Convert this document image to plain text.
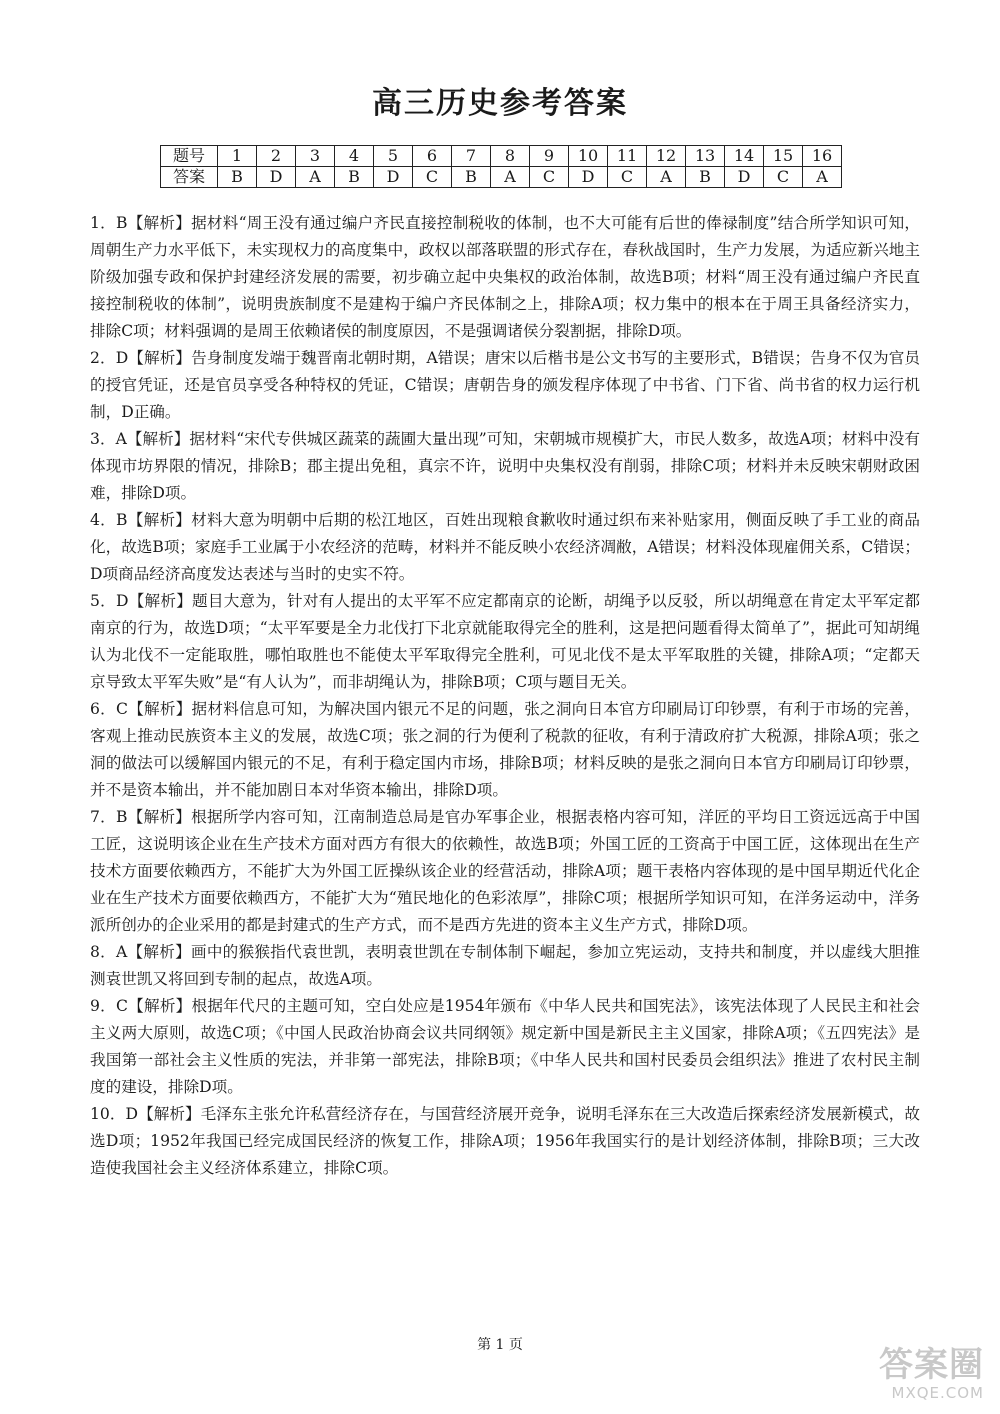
高三历史参考答案
题号	1	2	3	4	5	6	7	8	9	10	11	12	13	14	15	16
答案	B	D	A	B	D	C	B	A	C	D	C	A	B	D	C	A

1．B【解析】据材料“周王没有通过编户齐民直接控制税收的体制，也不大可能有后世的俸禄制度”结合所学知识可知，周朝生产力水平低下，未实现权力的高度集中，政权以部落联盟的形式存在，春秋战国时，生产力发展，为适应新兴地主阶级加强专政和保护封建经济发展的需要，初步确立起中央集权的政治体制，故选B项；材料“周王没有通过编户齐民直接控制税收的体制”，说明贵族制度不是建构于编户齐民体制之上，排除A项；权力集中的根本在于周王具备经济实力，排除C项；材料强调的是周王依赖诸侯的制度原因，不是强调诸侯分裂割据，排除D项。

2．D【解析】告身制度发端于魏晋南北朝时期，A错误；唐宋以后楷书是公文书写的主要形式，B错误；告身不仅为官员的授官凭证，还是官员享受各种特权的凭证，C错误；唐朝告身的颁发程序体现了中书省、门下省、尚书省的权力运行机制，D正确。

3．A【解析】据材料“宋代专供城区蔬菜的蔬圃大量出现”可知，宋朝城市规模扩大，市民人数多，故选A项；材料中没有体现市坊界限的情况，排除B；郡主提出免租，真宗不许，说明中央集权没有削弱，排除C项；材料并未反映宋朝财政困难，排除D项。

4．B【解析】材料大意为明朝中后期的松江地区，百姓出现粮食歉收时通过织布来补贴家用，侧面反映了手工业的商品化，故选B项；家庭手工业属于小农经济的范畴，材料并不能反映小农经济凋敝，A错误；材料没体现雇佣关系，C错误；D项商品经济高度发达表述与当时的史实不符。

5．D【解析】题目大意为，针对有人提出的太平军不应定都南京的论断，胡绳予以反驳，所以胡绳意在肯定太平军定都南京的行为，故选D项；“太平军要是全力北伐打下北京就能取得完全的胜利，这是把问题看得太简单了”，据此可知胡绳认为北伐不一定能取胜，哪怕取胜也不能使太平军取得完全胜利，可见北伐不是太平军取胜的关键，排除A项；“定都天京导致太平军失败”是“有人认为”，而非胡绳认为，排除B项；C项与题目无关。

6．C【解析】据材料信息可知，为解决国内银元不足的问题，张之洞向日本官方印刷局订印钞票，有利于市场的完善，客观上推动民族资本主义的发展，故选C项；张之洞的行为便利了税款的征收，有利于清政府扩大税源，排除A项；张之洞的做法可以缓解国内银元的不足，有利于稳定国内市场，排除B项；材料反映的是张之洞向日本官方印刷局订印钞票，并不是资本输出，并不能加剧日本对华资本输出，排除D项。

7．B【解析】根据所学内容可知，江南制造总局是官办军事企业，根据表格内容可知，洋匠的平均日工资远远高于中国工匠，这说明该企业在生产技术方面对西方有很大的依赖性，故选B项；外国工匠的工资高于中国工匠，这体现出在生产技术方面要依赖西方，不能扩大为外国工匠操纵该企业的经营活动，排除A项；题干表格内容体现的是中国早期近代化企业在生产技术方面要依赖西方，不能扩大为“殖民地化的色彩浓厚”，排除C项；根据所学知识可知，在洋务运动中，洋务派所创办的企业采用的都是封建式的生产方式，而不是西方先进的资本主义生产方式，排除D项。

8．A【解析】画中的猴猴指代袁世凯，表明袁世凯在专制体制下崛起，参加立宪运动，支持共和制度，并以虚线大胆推测袁世凯又将回到专制的起点，故选A项。

9．C【解析】根据年代尺的主题可知，空白处应是1954年颁布《中华人民共和国宪法》，该宪法体现了人民民主和社会主义两大原则，故选C项；《中国人民政治协商会议共同纲领》规定新中国是新民主主义国家，排除A项；《五四宪法》是我国第一部社会主义性质的宪法，并非第一部宪法，排除B项；《中华人民共和国村民委员会组织法》推进了农村民主制度的建设，排除D项。

10．D【解析】毛泽东主张允许私营经济存在，与国营经济展开竞争，说明毛泽东在三大改造后探索经济发展新模式，故选D项；1952年我国已经完成国民经济的恢复工作，排除A项；1956年我国实行的是计划经济体制，排除B项；三大改造使我国社会主义经济体系建立，排除C项。

第 1 页	答案圈
MXQE.COM
